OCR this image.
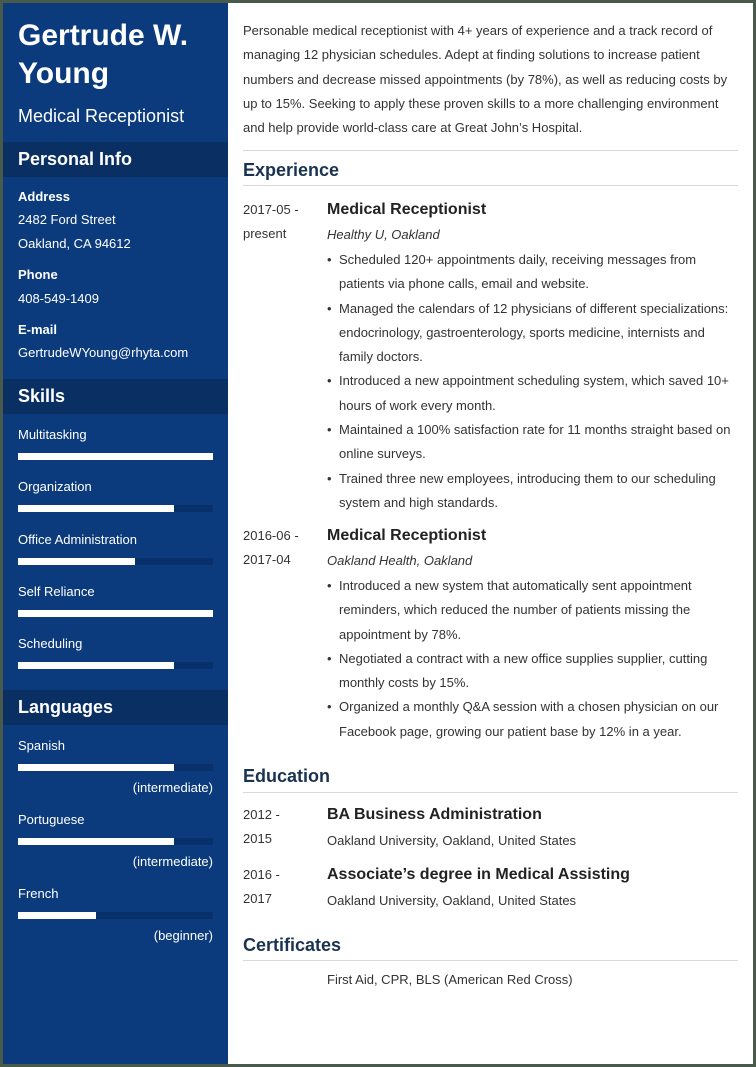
Gertrude W.
Young
Medical Receptionist
Personal Info
Address
2482 Ford Street
Oakland, CA 94612
Phone
408-549-1409
E-mail
GertrudeWYoung@rhyta.com
Skills
Multitasking
Organization
Office Administration
Self Reliance
Scheduling
Languages
Spanish
(intermediate)
Portuguese
(intermediate)
French
(beginner)

Personable medical receptionist with 4+ years of experience and a track record of managing 12 physician schedules. Adept at finding solutions to increase patient numbers and decrease missed appointments (by 78%), as well as reducing costs by up to 15%. Seeking to apply these proven skills to a more challenging environment and help provide world-class care at Great John’s Hospital.

Experience
2017-05 -
present
Medical Receptionist
Healthy U, Oakland
• Scheduled 120+ appointments daily, receiving messages from patients via phone calls, email and website.
• Managed the calendars of 12 physicians of different specializations: endocrinology, gastroenterology, sports medicine, internists and family doctors.
• Introduced a new appointment scheduling system, which saved 10+ hours of work every month.
• Maintained a 100% satisfaction rate for 11 months straight based on online surveys.
• Trained three new employees, introducing them to our scheduling system and high standards.
2016-06 -
2017-04
Medical Receptionist
Oakland Health, Oakland
• Introduced a new system that automatically sent appointment reminders, which reduced the number of patients missing the appointment by 78%.
• Negotiated a contract with a new office supplies supplier, cutting monthly costs by 15%.
• Organized a monthly Q&A session with a chosen physician on our Facebook page, growing our patient base by 12% in a year.
Education
2012 -
2015
BA Business Administration
Oakland University, Oakland, United States
2016 -
2017
Associate’s degree in Medical Assisting
Oakland University, Oakland, United States
Certificates
First Aid, CPR, BLS (American Red Cross)
